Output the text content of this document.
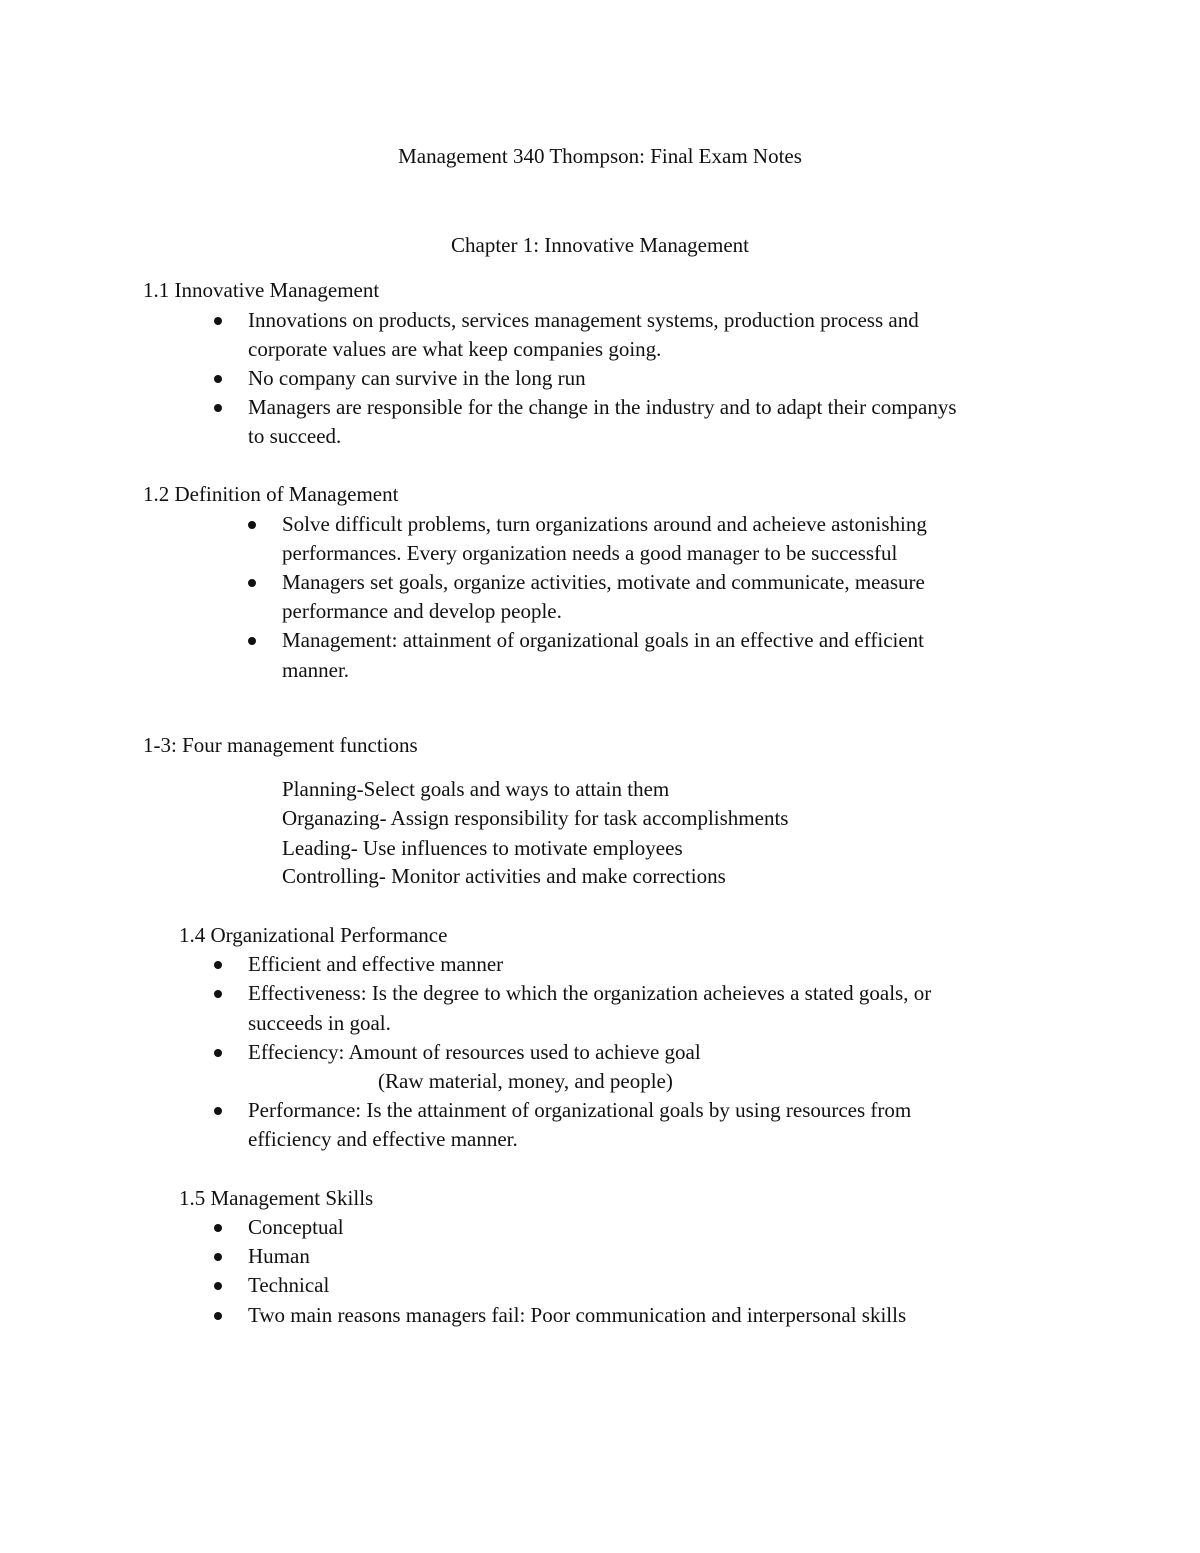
Management 340 Thompson: Final Exam Notes
Chapter 1: Innovative Management
1.1 Innovative Management
Innovations on products, services management systems, production process and
corporate values are what keep companies going.
No company can survive in the long run
Managers are responsible for the change in the industry and to adapt their companys
to succeed.
1.2 Definition of Management
Solve difficult problems, turn organizations around and acheieve astonishing
performances. Every organization needs a good manager to be successful
Managers set goals, organize activities, motivate and communicate, measure
performance and develop people.
Management: attainment of organizational goals in an effective and efficient
manner.
1-3: Four management functions
Planning-Select goals and ways to attain them
Organazing- Assign responsibility for task accomplishments
Leading- Use influences to motivate employees
Controlling- Monitor activities and make corrections
1.4 Organizational Performance
Efficient and effective manner
Effectiveness: Is the degree to which the organization acheieves a stated goals, or
succeeds in goal.
Effeciency: Amount of resources used to achieve goal
(Raw material, money, and people)
Performance: Is the attainment of organizational goals by using resources from
efficiency and effective manner.
1.5 Management Skills
Conceptual
Human
Technical
Two main reasons managers fail: Poor communication and interpersonal skills
